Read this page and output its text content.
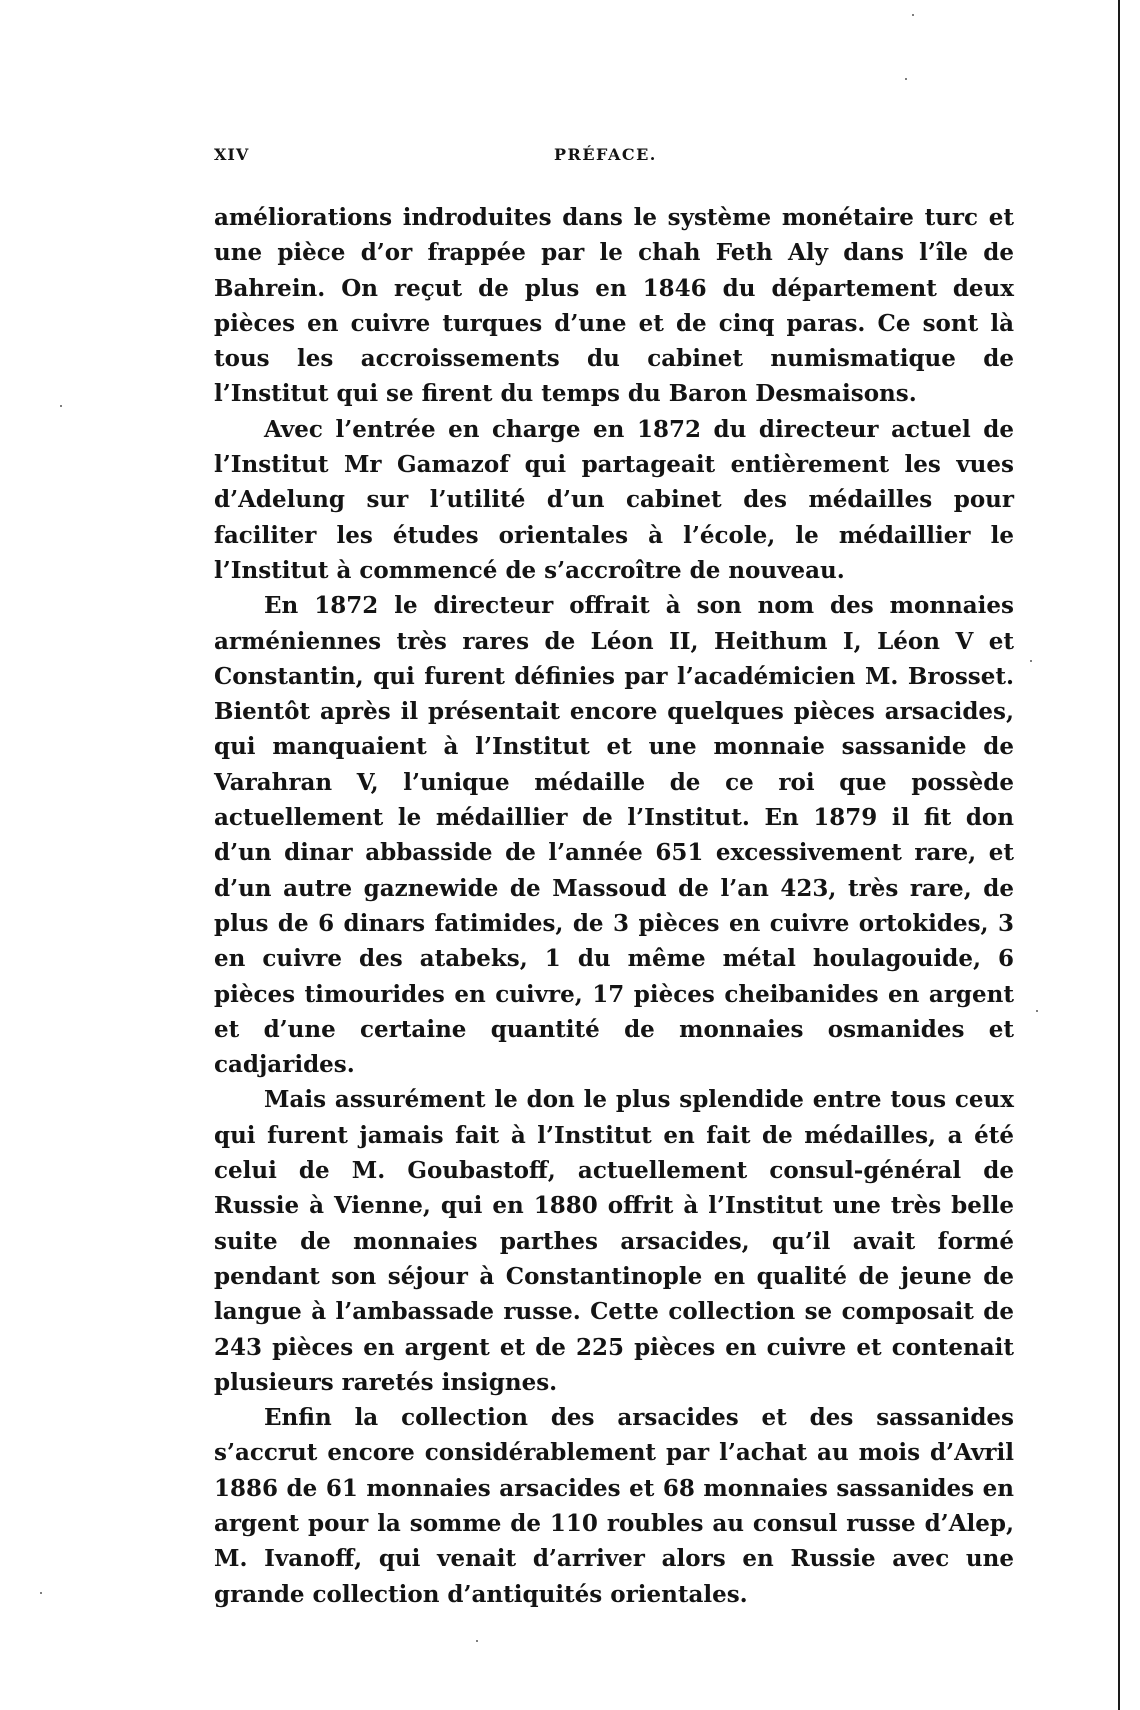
XIV	PRÉFACE.

améliorations indroduites dans le système monétaire turc et une pièce d’or frappée par le chah Feth Aly dans l’île de Bahrein. On reçut de plus en 1846 du département deux pièces en cuivre turques d’une et de cinq paras. Ce sont là tous les accroissements du cabinet numismatique de l’Institut qui se firent du temps du Baron Desmaisons.

Avec l’entrée en charge en 1872 du directeur actuel de l’Institut Mr Gamazof qui partageait entièrement les vues d’Adelung sur l’utilité d’un cabinet des médailles pour faciliter les études orientales à l’école, le médaillier le l’Institut à commencé de s’accroître de nouveau.

En 1872 le directeur offrait à son nom des monnaies arméniennes très rares de Léon II, Heithum I, Léon V et Constantin, qui furent définies par l’académicien M. Brosset. Bientôt après il présentait encore quelques pièces arsacides, qui manquaient à l’Institut et une monnaie sassanide de Varahran V, l’unique médaille de ce roi que possède actuellement le médaillier de l’Institut. En 1879 il fit don d’un dinar abbasside de l’année 651 excessivement rare, et d’un autre gaznewide de Massoud de l’an 423, très rare, de plus de 6 dinars fatimides, de 3 pièces en cuivre ortokides, 3 en cuivre des atabeks, 1 du même métal houlagouide, 6 pièces timourides en cuivre, 17 pièces cheibanides en argent et d’une certaine quantité de monnaies osmanides et cadjarides.

Mais assurément le don le plus splendide entre tous ceux qui furent jamais fait à l’Institut en fait de médailles, a été celui de M. Goubastoff, actuellement consul-général de Russie à Vienne, qui en 1880 offrit à l’Institut une très belle suite de monnaies parthes arsacides, qu’il avait formé pendant son séjour à Constantinople en qualité de jeune de langue à l’ambassade russe. Cette collection se composait de 243 pièces en argent et de 225 pièces en cuivre et contenait plusieurs raretés insignes.

Enfin la collection des arsacides et des sassanides s’accrut encore considérablement par l’achat au mois d’Avril 1886 de 61 monnaies arsacides et 68 monnaies sassanides en argent pour la somme de 110 roubles au consul russe d’Alep, M. Ivanoff, qui venait d’arriver alors en Russie avec une grande collection d’antiquités orientales.
